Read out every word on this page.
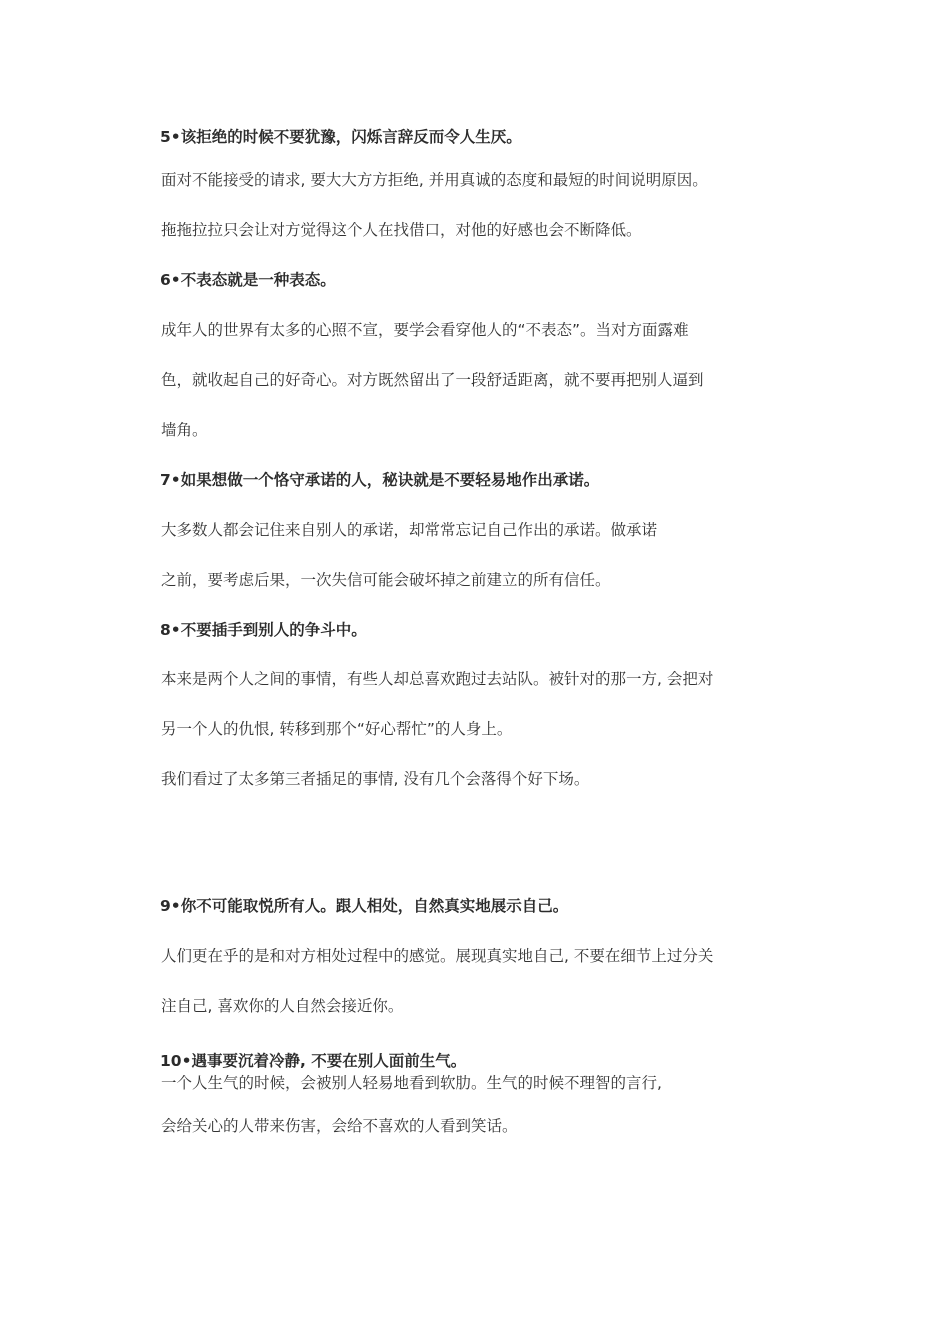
5•该拒绝的时候不要犹豫，闪烁言辞反而令人生厌。
面对不能接受的请求, 要大大方方拒绝, 并用真诚的态度和最短的时间说明原因。
拖拖拉拉只会让对方觉得这个人在找借口，对他的好感也会不断降低。
6•不表态就是一种表态。
成年人的世界有太多的心照不宣，要学会看穿他人的“不表态”。当对方面露难
色，就收起自己的好奇心。对方既然留出了一段舒适距离，就不要再把别人逼到
墙角。
7•如果想做一个恪守承诺的人，秘诀就是不要轻易地作出承诺。
大多数人都会记住来自别人的承诺，却常常忘记自己作出的承诺。做承诺
之前，要考虑后果，一次失信可能会破坏掉之前建立的所有信任。
8•不要插手到别人的争斗中。
本来是两个人之间的事情，有些人却总喜欢跑过去站队。被针对的那一方, 会把对
另一个人的仇恨, 转移到那个“好心帮忙”的人身上。
我们看过了太多第三者插足的事情, 没有几个会落得个好下场。
9•你不可能取悦所有人。跟人相处，自然真实地展示自己。
人们更在乎的是和对方相处过程中的感觉。展现真实地自己, 不要在细节上过分关
注自己, 喜欢你的人自然会接近你。
10•遇事要沉着冷静, 不要在别人面前生气。
一个人生气的时候，会被别人轻易地看到软肋。生气的时候不理智的言行,
会给关心的人带来伤害，会给不喜欢的人看到笑话。
